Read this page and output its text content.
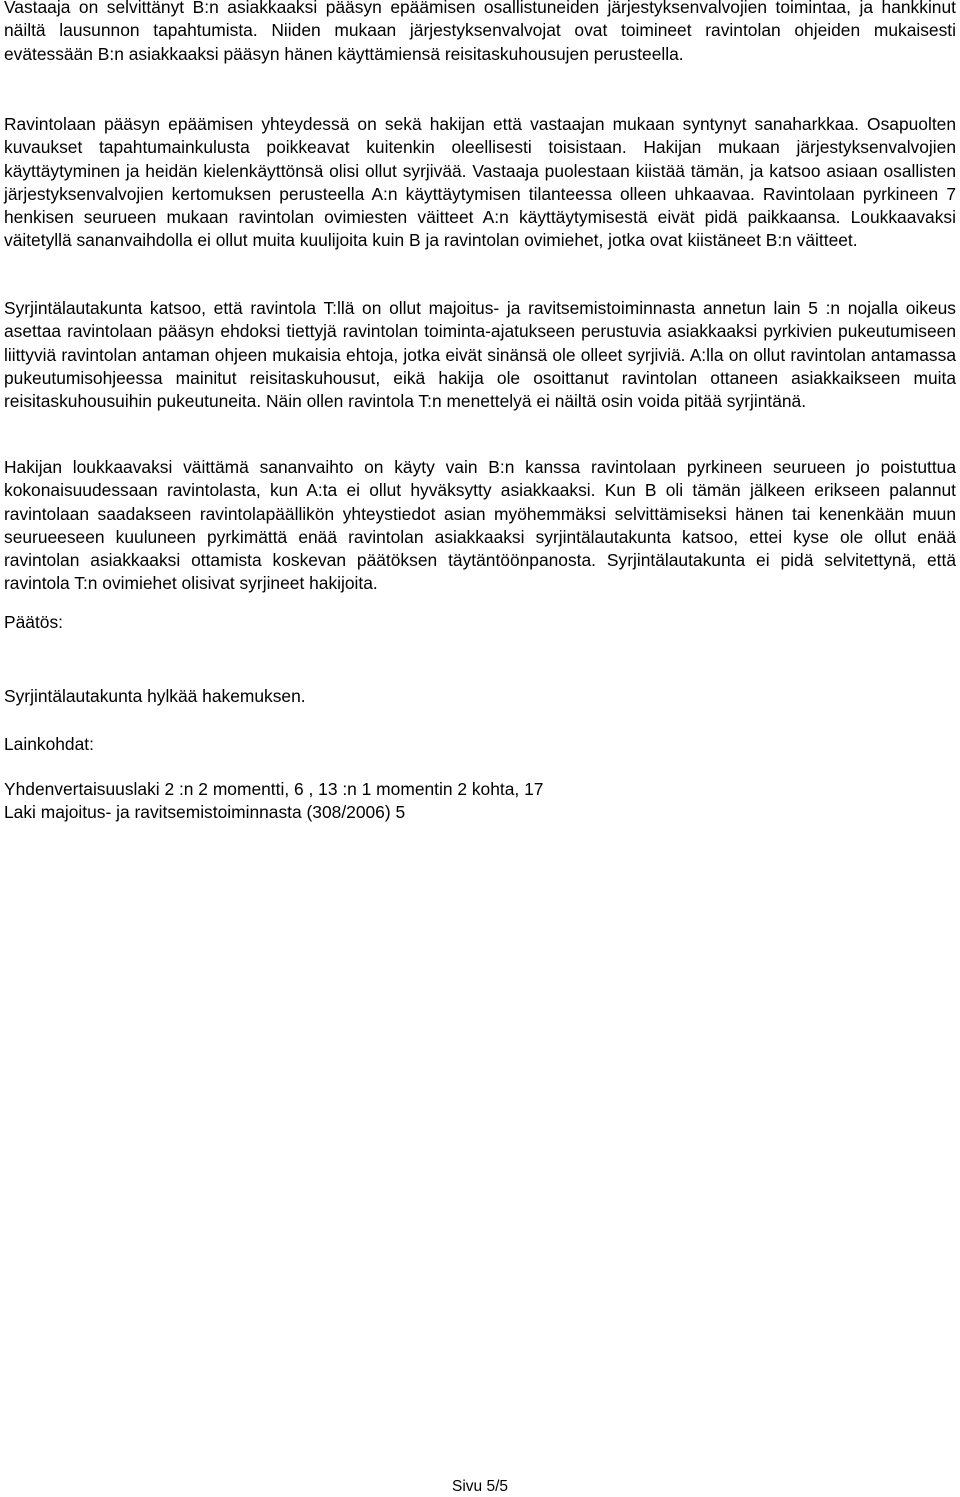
Vastaaja on selvittänyt B:n asiakkaaksi pääsyn epäämisen osallistuneiden järjestyksenvalvojien toimintaa, ja hankkinut näiltä lausunnon tapahtumista. Niiden mukaan järjestyksenvalvojat ovat toimineet ravintolan ohjeiden mukaisesti evätessään B:n asiakkaaksi pääsyn hänen käyttämiensä reisitaskuhousujen perusteella.

Ravintolaan pääsyn epäämisen yhteydessä on sekä hakijan että vastaajan mukaan syntynyt sanaharkkaa. Osapuolten kuvaukset tapahtumainkulusta poikkeavat kuitenkin oleellisesti toisistaan. Hakijan mukaan järjestyksenvalvojien käyttäytyminen ja heidän kielenkäyttönsä olisi ollut syrjivää. Vastaaja puolestaan kiistää tämän, ja katsoo asiaan osallisten järjestyksenvalvojien kertomuksen perusteella A:n käyttäytymisen tilanteessa olleen uhkaavaa. Ravintolaan pyrkineen 7 henkisen seurueen mukaan ravintolan ovimiesten väitteet A:n käyttäytymisestä eivät pidä paikkaansa. Loukkaavaksi väitetyllä sananvaihdolla ei ollut muita kuulijoita kuin B ja ravintolan ovimiehet, jotka ovat kiistäneet B:n väitteet.

Syrjintälautakunta katsoo, että ravintola T:llä on ollut majoitus- ja ravitsemistoiminnasta annetun lain 5 :n nojalla oikeus asettaa ravintolaan pääsyn ehdoksi tiettyjä ravintolan toiminta-ajatukseen perustuvia asiakkaaksi pyrkivien pukeutumiseen liittyviä ravintolan antaman ohjeen mukaisia ehtoja, jotka eivät sinänsä ole olleet syrjiviä. A:lla on ollut ravintolan antamassa pukeutumisohjeessa mainitut reisitaskuhousut, eikä hakija ole osoittanut ravintolan ottaneen asiakkaikseen muita reisitaskuhousuihin pukeutuneita. Näin ollen ravintola T:n menettelyä ei näiltä osin voida pitää syrjintänä.

Hakijan loukkaavaksi väittämä sananvaihto on käyty vain B:n kanssa ravintolaan pyrkineen seurueen jo poistuttua kokonaisuudessaan ravintolasta, kun A:ta ei ollut hyväksytty asiakkaaksi. Kun B oli tämän jälkeen erikseen palannut ravintolaan saadakseen ravintolapäällikön yhteystiedot asian myöhemmäksi selvittämiseksi hänen tai kenenkään muun seurueeseen kuuluneen pyrkimättä enää ravintolan asiakkaaksi syrjintälautakunta katsoo, ettei kyse ole ollut enää ravintolan asiakkaaksi ottamista koskevan päätöksen täytäntöönpanosta. Syrjintälautakunta ei pidä selvitettynä, että ravintola T:n ovimiehet olisivat syrjineet hakijoita.

Päätös:

Syrjintälautakunta hylkää hakemuksen.

Lainkohdat:

Yhdenvertaisuuslaki 2 :n 2 momentti, 6 , 13 :n 1 momentin 2 kohta, 17

Laki majoitus- ja ravitsemistoiminnasta (308/2006) 5

Sivu 5/5
